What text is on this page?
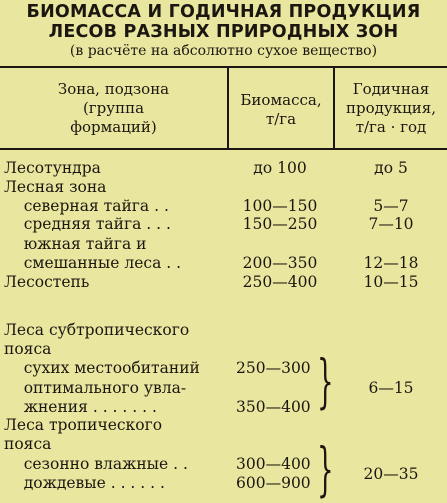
БИОМАССА И ГОДИЧНАЯ ПРОДУКЦИЯ
ЛЕСОВ РАЗНЫХ ПРИРОДНЫХ ЗОН
(в расчёте на абсолютно сухое вещество)
Зона, подзона
(группа
формаций)
Биомасса,
т/га
Годичная
продукция,
т/га · год
Лесотундра
Лесная зона
северная тайга . .
средняя тайга . . .
южная тайга и
смешанные леса . .
Лесостепь
Леса субтропического
пояса
сухих местообитаний
оптимального увла-
жнения . . . . . . .
Леса тропического
пояса
сезонно влажные . .
дождевые . . . . . .
до 100
100—150
150—250
200—350
250—400
250—300
350—400
300—400
600—900
}
}
до 5
5—7
7—10
12—18
10—15
6—15
20—35
